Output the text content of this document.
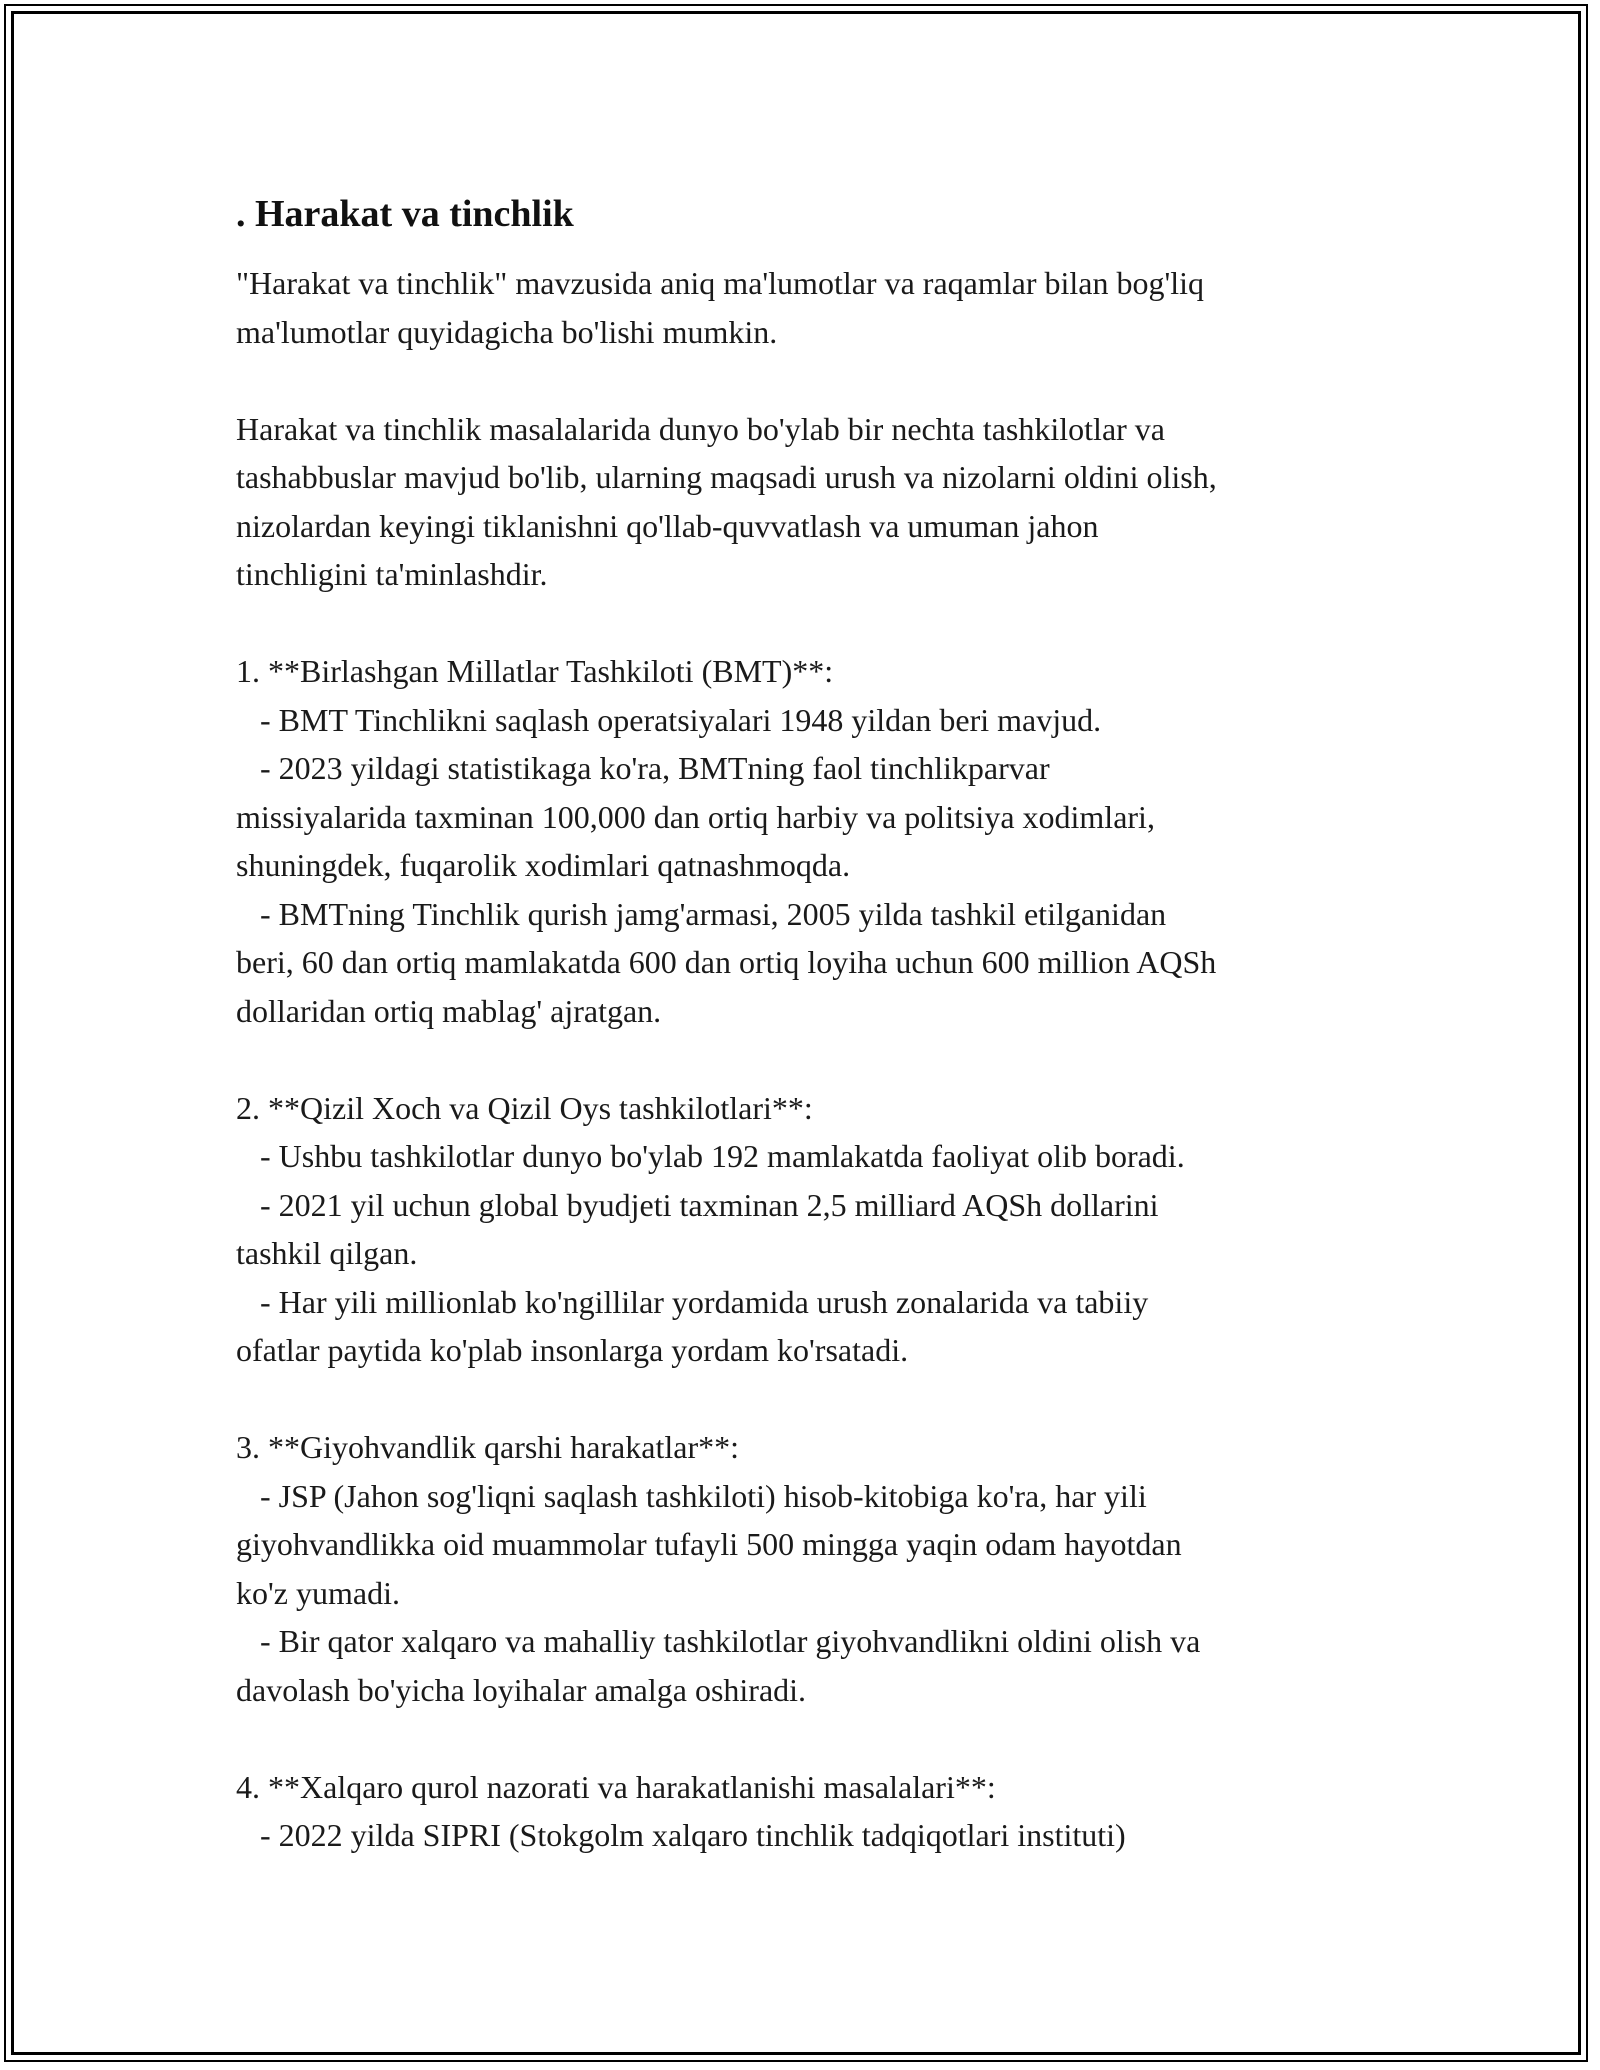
. Harakat va tinchlik
"Harakat va tinchlik" mavzusida aniq ma'lumotlar va raqamlar bilan bog'liq
ma'lumotlar quyidagicha bo'lishi mumkin.

Harakat va tinchlik masalalarida dunyo bo'ylab bir nechta tashkilotlar va
tashabbuslar mavjud bo'lib, ularning maqsadi urush va nizolarni oldini olish,
nizolardan keyingi tiklanishni qo'llab-quvvatlash va umuman jahon
tinchligini ta'minlashdir.

1. **Birlashgan Millatlar Tashkiloti (BMT)**:
- BMT Tinchlikni saqlash operatsiyalari 1948 yildan beri mavjud.
- 2023 yildagi statistikaga ko'ra, BMTning faol tinchlikparvar
missiyalarida taxminan 100,000 dan ortiq harbiy va politsiya xodimlari,
shuningdek, fuqarolik xodimlari qatnashmoqda.
- BMTning Tinchlik qurish jamg'armasi, 2005 yilda tashkil etilganidan
beri, 60 dan ortiq mamlakatda 600 dan ortiq loyiha uchun 600 million AQSh
dollaridan ortiq mablag' ajratgan.

2. **Qizil Xoch va Qizil Oys tashkilotlari**:
- Ushbu tashkilotlar dunyo bo'ylab 192 mamlakatda faoliyat olib boradi.
- 2021 yil uchun global byudjeti taxminan 2,5 milliard AQSh dollarini
tashkil qilgan.
- Har yili millionlab ko'ngillilar yordamida urush zonalarida va tabiiy
ofatlar paytida ko'plab insonlarga yordam ko'rsatadi.

3. **Giyohvandlik qarshi harakatlar**:
- JSP (Jahon sog'liqni saqlash tashkiloti) hisob-kitobiga ko'ra, har yili
giyohvandlikka oid muammolar tufayli 500 mingga yaqin odam hayotdan
ko'z yumadi.
- Bir qator xalqaro va mahalliy tashkilotlar giyohvandlikni oldini olish va
davolash bo'yicha loyihalar amalga oshiradi.

4. **Xalqaro qurol nazorati va harakatlanishi masalalari**:
- 2022 yilda SIPRI (Stokgolm xalqaro tinchlik tadqiqotlari instituti)
